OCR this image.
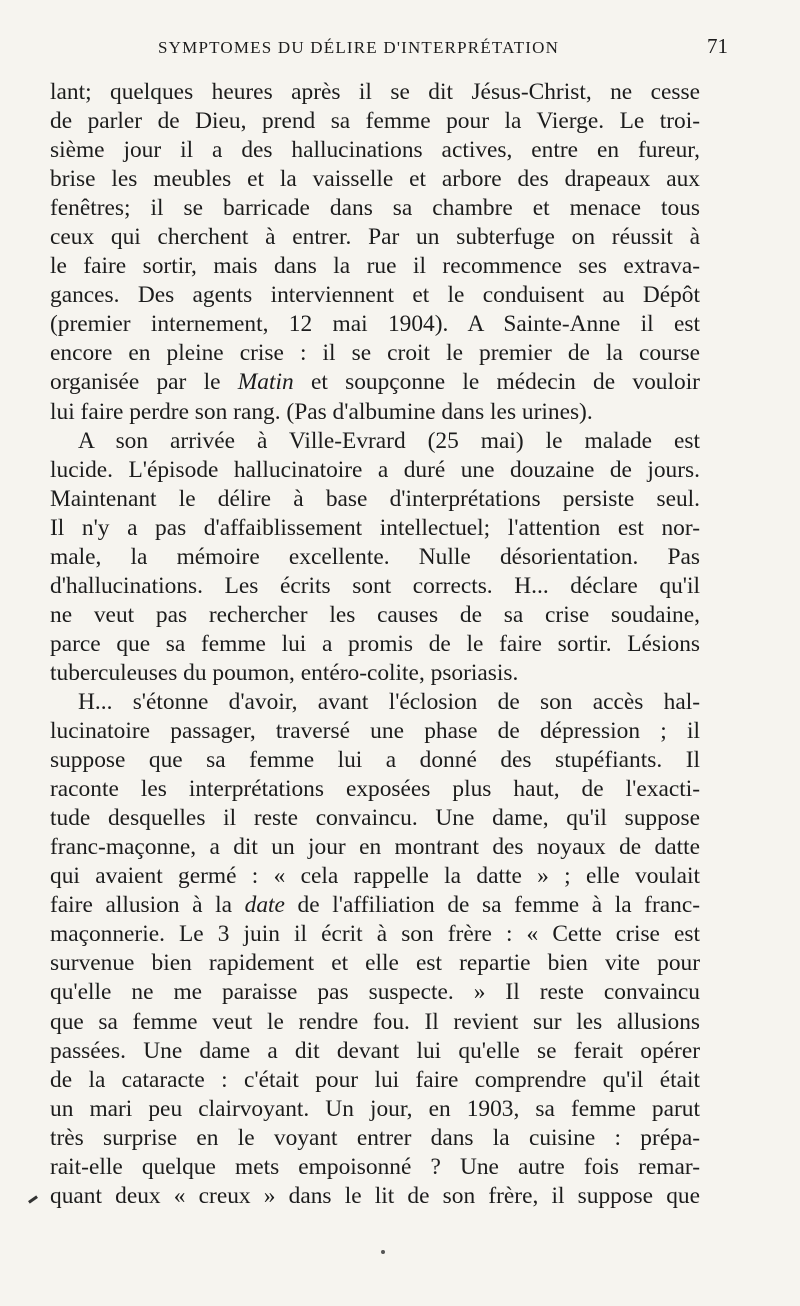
SYMPTOMES DU DÉLIRE D'INTERPRÉTATION	71
lant; quelques heures après il se dit Jésus-Christ, ne cesse
de parler de Dieu, prend sa femme pour la Vierge. Le troi-
sième jour il a des hallucinations actives, entre en fureur,
brise les meubles et la vaisselle et arbore des drapeaux aux
fenêtres; il se barricade dans sa chambre et menace tous
ceux qui cherchent à entrer. Par un subterfuge on réussit à
le faire sortir, mais dans la rue il recommence ses extrava-
gances. Des agents interviennent et le conduisent au Dépôt
(premier internement, 12 mai 1904). A Sainte-Anne il est
encore en pleine crise : il se croit le premier de la course
organisée par le Matin et soupçonne le médecin de vouloir
lui faire perdre son rang. (Pas d'albumine dans les urines).
A son arrivée à Ville-Evrard (25 mai) le malade est
lucide. L'épisode hallucinatoire a duré une douzaine de jours.
Maintenant le délire à base d'interprétations persiste seul.
Il n'y a pas d'affaiblissement intellectuel; l'attention est nor-
male, la mémoire excellente. Nulle désorientation. Pas
d'hallucinations. Les écrits sont corrects. H... déclare qu'il
ne veut pas rechercher les causes de sa crise soudaine,
parce que sa femme lui a promis de le faire sortir. Lésions
tuberculeuses du poumon, entéro-colite, psoriasis.
H... s'étonne d'avoir, avant l'éclosion de son accès hal-
lucinatoire passager, traversé une phase de dépression ; il
suppose que sa femme lui a donné des stupéfiants. Il
raconte les interprétations exposées plus haut, de l'exacti-
tude desquelles il reste convaincu. Une dame, qu'il suppose
franc-maçonne, a dit un jour en montrant des noyaux de datte
qui avaient germé : « cela rappelle la datte » ; elle voulait
faire allusion à la date de l'affiliation de sa femme à la franc-
maçonnerie. Le 3 juin il écrit à son frère : « Cette crise est
survenue bien rapidement et elle est repartie bien vite pour
qu'elle ne me paraisse pas suspecte. » Il reste convaincu
que sa femme veut le rendre fou. Il revient sur les allusions
passées. Une dame a dit devant lui qu'elle se ferait opérer
de la cataracte : c'était pour lui faire comprendre qu'il était
un mari peu clairvoyant. Un jour, en 1903, sa femme parut
très surprise en le voyant entrer dans la cuisine : prépa-
rait-elle quelque mets empoisonné ? Une autre fois remar-
quant deux « creux » dans le lit de son frère, il suppose que
